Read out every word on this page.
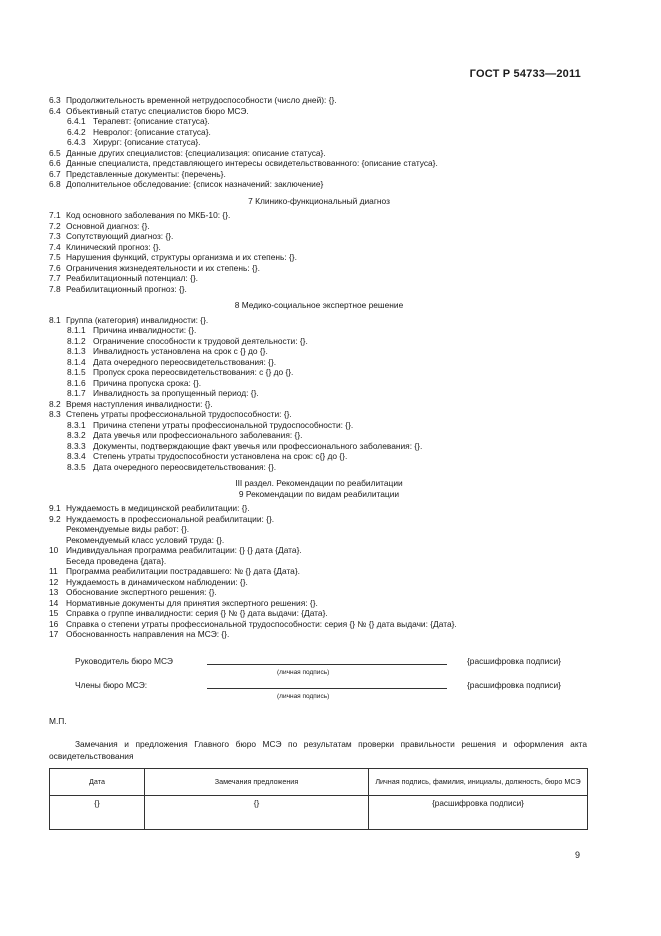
ГОСТ Р 54733—2011
6.3 Продолжительность временной нетрудоспособности (число дней): {}.
6.4 Объективный статус специалистов бюро МСЭ.
6.4.1 Терапевт: {описание статуса}.
6.4.2 Невролог: {описание статуса}.
6.4.3 Хирург: {описание статуса}.
6.5 Данные других специалистов: {специализация: описание статуса}.
6.6 Данные специалиста, представляющего интересы освидетельствованного: {описание статуса}.
6.7 Представленные документы: {перечень}.
6.8 Дополнительное обследование: {список назначений: заключение}
7 Клинико-функциональный диагноз
7.1 Код основного заболевания по МКБ-10: {}.
7.2 Основной диагноз: {}.
7.3 Сопутствующий диагноз: {}.
7.4 Клинический прогноз: {}.
7.5 Нарушения функций, структуры организма и их степень: {}.
7.6 Ограничения жизнедеятельности и их степень: {}.
7.7 Реабилитационный потенциал: {}.
7.8 Реабилитационный прогноз: {}.
8 Медико-социальное экспертное решение
8.1 Группа (категория) инвалидности: {}.
8.1.1 Причина инвалидности: {}.
8.1.2 Ограничение способности к трудовой деятельности: {}.
8.1.3 Инвалидность установлена на срок с {} до {}.
8.1.4 Дата очередного переосвидетельствования: {}.
8.1.5 Пропуск срока переосвидетельствования: с {} до {}.
8.1.6 Причина пропуска срока: {}.
8.1.7 Инвалидность за пропущенный период: {}.
8.2 Время наступления инвалидности: {}.
8.3 Степень утраты профессиональной трудоспособности: {}.
8.3.1 Причина степени утраты профессиональной трудоспособности: {}.
8.3.2 Дата увечья или профессионального заболевания: {}.
8.3.3 Документы, подтверждающие факт увечья или профессионального заболевания: {}.
8.3.4 Степень утраты трудоспособности установлена на срок: с{} до {}.
8.3.5 Дата очередного переосвидетельствования: {}.
III раздел. Рекомендации по реабилитации
9 Рекомендации по видам реабилитации
9.1 Нуждаемость в медицинской реабилитации: {}.
9.2 Нуждаемость в профессиональной реабилитации: {}.
Рекомендуемые виды работ: {}.
Рекомендуемый класс условий труда: {}.
10 Индивидуальная программа реабилитации: {} {} дата {Дата}.
Беседа проведена {дата}.
11 Программа реабилитации пострадавшего: № {} дата {Дата}.
12 Нуждаемость в динамическом наблюдении: {}.
13 Обоснование экспертного решения: {}.
14 Нормативные документы для принятия экспертного решения: {}.
15 Справка о группе инвалидности: серия {} № {} дата выдачи: {Дата}.
16 Справка о степени утраты профессиональной трудоспособности: серия {} № {} дата выдачи: {Дата}.
17 Обоснованность направления на МСЭ: {}.
Руководитель бюро МСЭ	{расшифровка подписи}
(личная подпись)
Члены бюро МСЭ:	{расшифровка подписи}
(личная подпись)
М.П.
Замечания и предложения Главного бюро МСЭ по результатам проверки правильности решения и оформления акта освидетельствования
Дата	Замечания предложения	Личная подпись, фамилия, инициалы, должность, бюро МСЭ
{}	{}	{расшифровка подписи}
9
